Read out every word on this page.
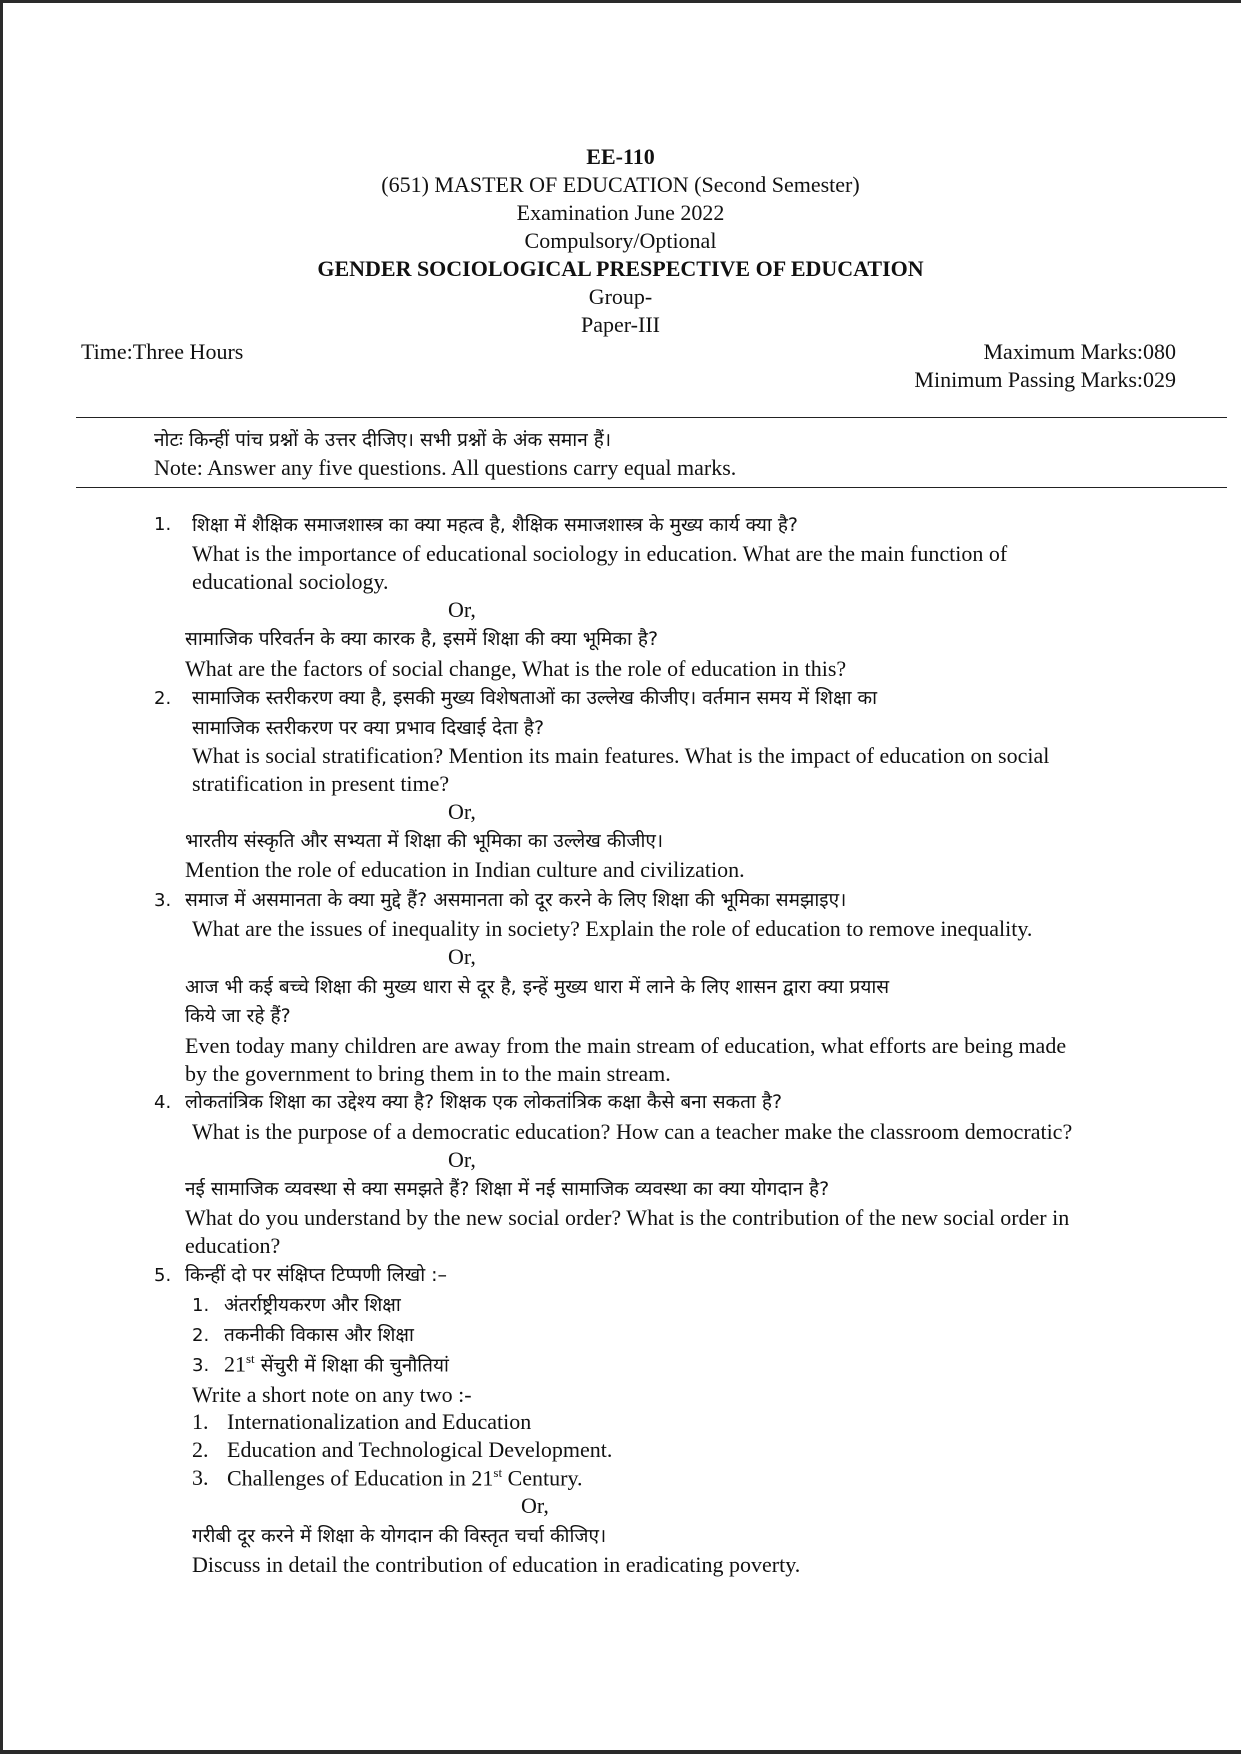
EE-110
(651) MASTER OF EDUCATION (Second Semester)
Examination June 2022
Compulsory/Optional
GENDER SOCIOLOGICAL PRESPECTIVE OF EDUCATION
Group-
Paper-III
Time:Three Hours	Maximum Marks:080
Minimum Passing Marks:029
नोटः किन्हीं पांच प्रश्नों के उत्तर दीजिए। सभी प्रश्नों के अंक समान हैं।
Note: Answer any five questions. All questions carry equal marks.
1. शिक्षा में शैक्षिक समाजशास्त्र का क्या महत्व है, शैक्षिक समाजशास्त्र के मुख्य कार्य क्या है?
What is the importance of educational sociology in education. What are the main function of
educational sociology.
Or,
सामाजिक परिवर्तन के क्या कारक है, इसमें शिक्षा की क्या भूमिका है?
What are the factors of social change, What is the role of education in this?
2. सामाजिक स्तरीकरण क्या है, इसकी मुख्य विशेषताओं का उल्लेख कीजीए। वर्तमान समय में शिक्षा का
सामाजिक स्तरीकरण पर क्या प्रभाव दिखाई देता है?
What is social stratification? Mention its main features. What is the impact of education on social
stratification in present time?
Or,
भारतीय संस्कृति और सभ्यता में शिक्षा की भूमिका का उल्लेख कीजीए।
Mention the role of education in Indian culture and civilization.
3. समाज में असमानता के क्या मुद्दे हैं? असमानता को दूर करने के लिए शिक्षा की भूमिका समझाइए।
What are the issues of inequality in society? Explain the role of education to remove inequality.
Or,
आज भी कई बच्चे शिक्षा की मुख्य धारा से दूर है, इन्हें मुख्य धारा में लाने के लिए शासन द्वारा क्या प्रयास
किये जा रहे हैं?
Even today many children are away from the main stream of education, what efforts are being made
by the government to bring them in to the main stream.
4. लोकतांत्रिक शिक्षा का उद्देश्य क्या है? शिक्षक एक लोकतांत्रिक कक्षा कैसे बना सकता है?
What is the purpose of a democratic education? How can a teacher make the classroom democratic?
Or,
नई सामाजिक व्यवस्था से क्या समझते हैं? शिक्षा में नई सामाजिक व्यवस्था का क्या योगदान है?
What do you understand by the new social order? What is the contribution of the new social order in
education?
5. किन्हीं दो पर संक्षिप्त टिप्पणी लिखो :–
1. अंतर्राष्ट्रीयकरण और शिक्षा
2. तकनीकी विकास और शिक्षा
3. 21st सेंचुरी में शिक्षा की चुनौतियां
Write a short note on any two :-
1. Internationalization and Education
2. Education and Technological Development.
3. Challenges of Education in 21st Century.
Or,
गरीबी दूर करने में शिक्षा के योगदान की विस्तृत चर्चा कीजिए।
Discuss in detail the contribution of education in eradicating poverty.
